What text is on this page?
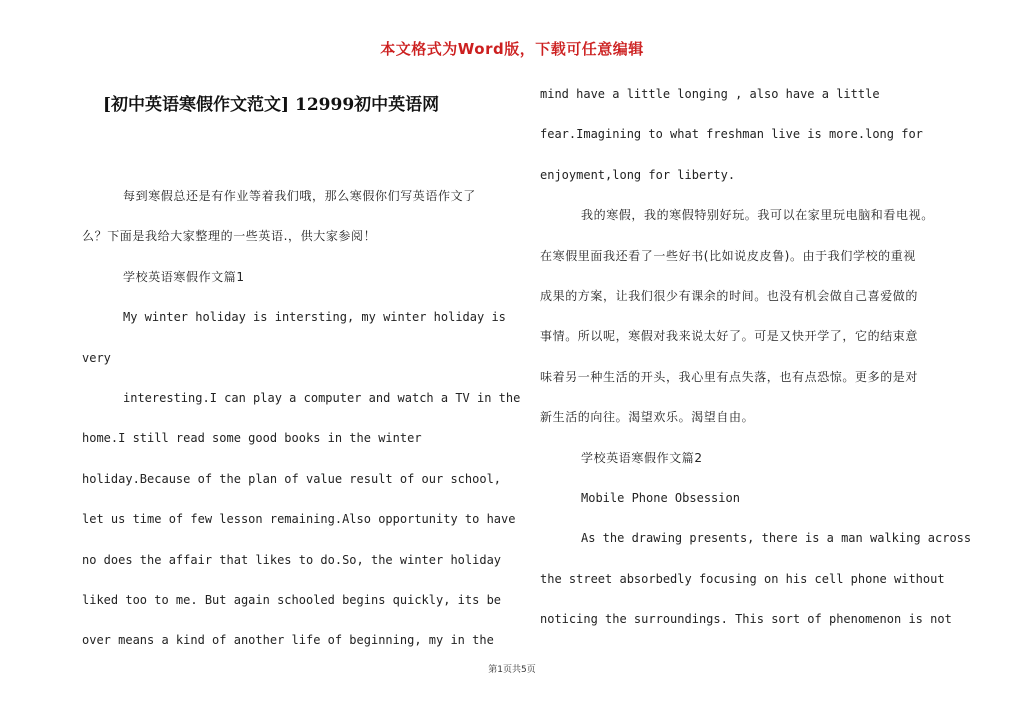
本文格式为Word版，下载可任意编辑
[初中英语寒假作文范文] 12999初中英语网
每到寒假总还是有作业等着我们哦，那么寒假你们写英语作文了
么？下面是我给大家整理的一些英语.，供大家参阅！
学校英语寒假作文篇1
My winter holiday is intersting, my winter holiday is
very
interesting.I can play a computer and watch a TV in the
home.I still read some good books in the winter
holiday.Because of the plan of value result of our school,
let us time of few lesson remaining.Also opportunity to have
no does the affair that likes to do.So, the winter holiday
liked too to me. But again schooled begins quickly, its be
over means a kind of another life of beginning, my in the
mind have a little longing , also have a little
fear.Imagining to what freshman live is more.long for
enjoyment,long for liberty.
我的寒假，我的寒假特别好玩。我可以在家里玩电脑和看电视。
在寒假里面我还看了一些好书(比如说皮皮鲁)。由于我们学校的重视
成果的方案，让我们很少有课余的时间。也没有机会做自己喜爱做的
事情。所以呢，寒假对我来说太好了。可是又快开学了，它的结束意
味着另一种生活的开头，我心里有点失落，也有点恐惊。更多的是对
新生活的向往。渴望欢乐。渴望自由。
学校英语寒假作文篇2
Mobile Phone Obsession
As the drawing presents, there is a man walking across
the street absorbedly focusing on his cell phone without
noticing the surroundings. This sort of phenomenon is not
第1页共5页
